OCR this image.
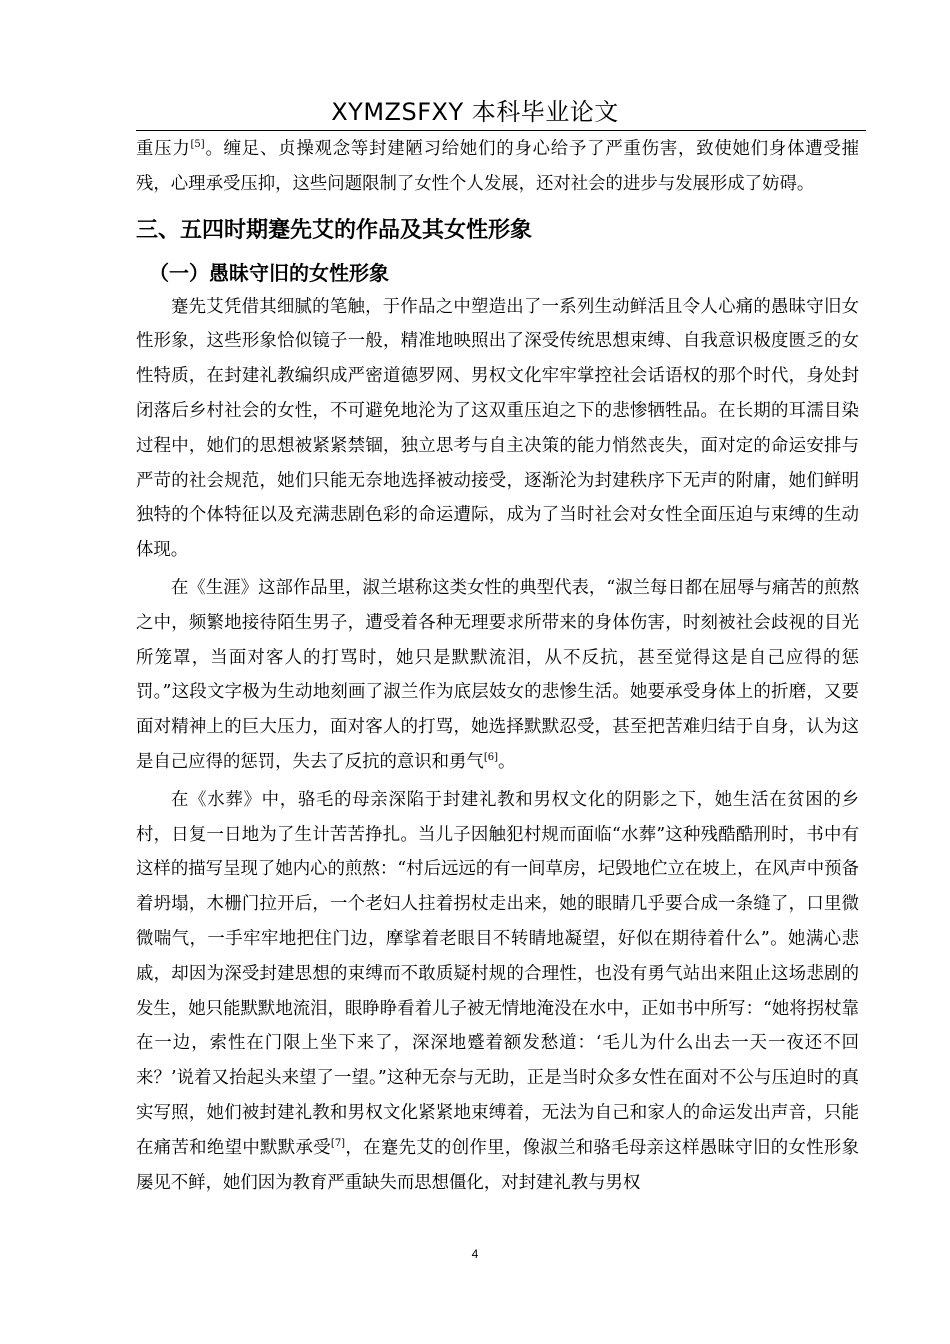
XYMZSFXY 本科毕业论文

重压力[5]。缠足、贞操观念等封建陋习给她们的身心给予了严重伤害，致使她们身体遭受摧残，心理承受压抑，这些问题限制了女性个人发展，还对社会的进步与发展形成了妨碍。

三、五四时期蹇先艾的作品及其女性形象
（一）愚昧守旧的女性形象

蹇先艾凭借其细腻的笔触，于作品之中塑造出了一系列生动鲜活且令人心痛的愚昧守旧女性形象，这些形象恰似镜子一般，精准地映照出了深受传统思想束缚、自我意识极度匮乏的女性特质，在封建礼教编织成严密道德罗网、男权文化牢牢掌控社会话语权的那个时代，身处封闭落后乡村社会的女性，不可避免地沦为了这双重压迫之下的悲惨牺牲品。在长期的耳濡目染过程中，她们的思想被紧紧禁锢，独立思考与自主决策的能力悄然丧失，面对定的命运安排与严苛的社会规范，她们只能无奈地选择被动接受，逐渐沦为封建秩序下无声的附庸，她们鲜明独特的个体特征以及充满悲剧色彩的命运遭际，成为了当时社会对女性全面压迫与束缚的生动体现。

在《生涯》这部作品里，淑兰堪称这类女性的典型代表，“淑兰每日都在屈辱与痛苦的煎熬之中，频繁地接待陌生男子，遭受着各种无理要求所带来的身体伤害，时刻被社会歧视的目光所笼罩，当面对客人的打骂时，她只是默默流泪，从不反抗，甚至觉得这是自己应得的惩罚。”这段文字极为生动地刻画了淑兰作为底层妓女的悲惨生活。她要承受身体上的折磨，又要面对精神上的巨大压力，面对客人的打骂，她选择默默忍受，甚至把苦难归结于自身，认为这是自己应得的惩罚，失去了反抗的意识和勇气[6]。

在《水葬》中，骆毛的母亲深陷于封建礼教和男权文化的阴影之下，她生活在贫困的乡村，日复一日地为了生计苦苦挣扎。当儿子因触犯村规而面临“水葬”这种残酷酷刑时，书中有这样的描写呈现了她内心的煎熬：“村后远远的有一间草房，圮毁地伫立在坡上，在风声中预备着坍塌，木栅门拉开后，一个老妇人拄着拐杖走出来，她的眼睛几乎要合成一条缝了，口里微微喘气，一手牢牢地把住门边，摩挲着老眼目不转睛地凝望，好似在期待着什么”。她满心悲戚，却因为深受封建思想的束缚而不敢质疑村规的合理性，也没有勇气站出来阻止这场悲剧的发生，她只能默默地流泪，眼睁睁看着儿子被无情地淹没在水中，正如书中所写：“她将拐杖靠在一边，索性在门限上坐下来了，深深地蹙着额发愁道：‘毛儿为什么出去一天一夜还不回来？’说着又抬起头来望了一望。”这种无奈与无助，正是当时众多女性在面对不公与压迫时的真实写照，她们被封建礼教和男权文化紧紧地束缚着，无法为自己和家人的命运发出声音，只能在痛苦和绝望中默默承受[7]，在蹇先艾的创作里，像淑兰和骆毛母亲这样愚昧守旧的女性形象屡见不鲜，她们因为教育严重缺失而思想僵化，对封建礼教与男权

4
